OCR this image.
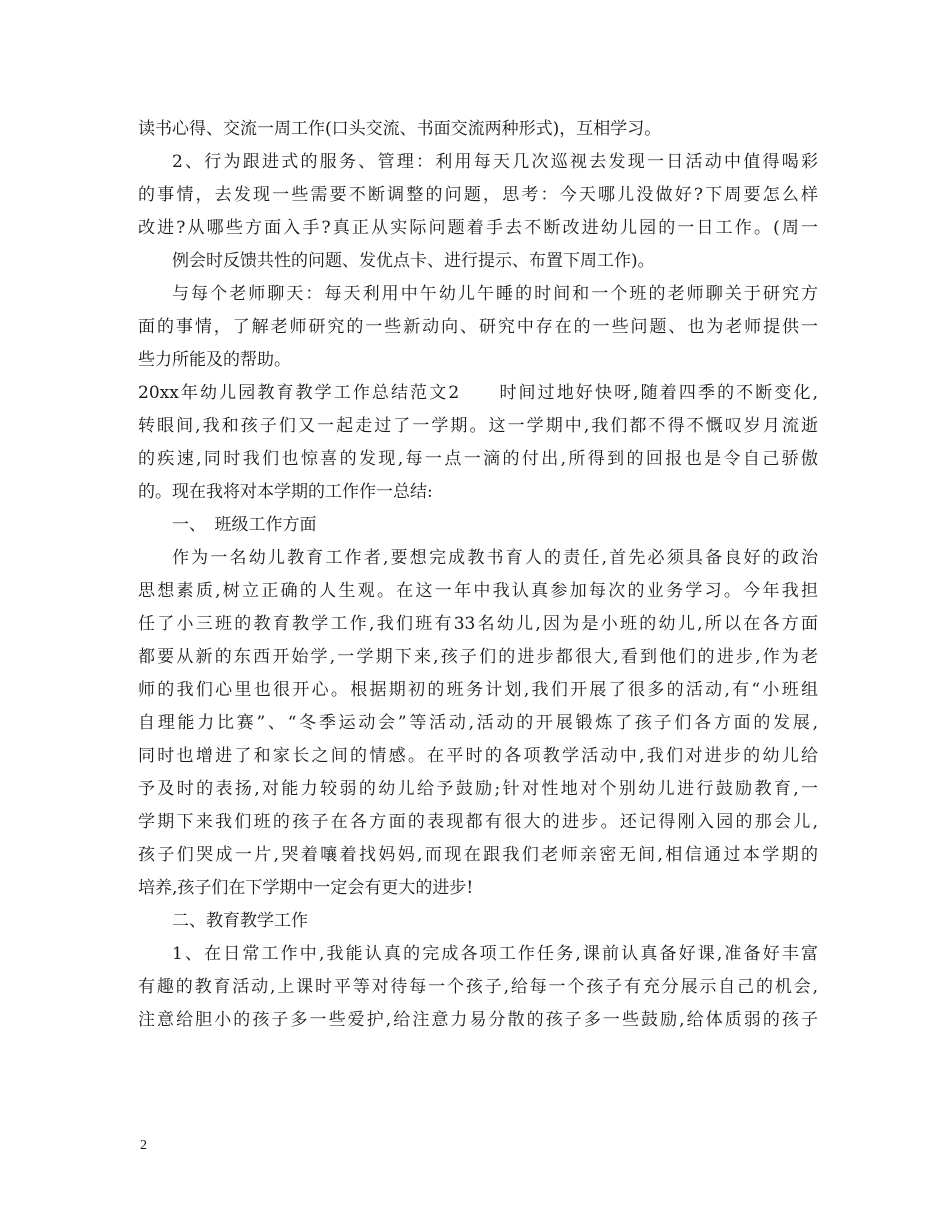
读书心得、交流一周工作(口头交流、书面交流两种形式)，互相学习。
2、行为跟进式的服务、管理：利用每天几次巡视去发现一日活动中值得喝彩
的事情，去发现一些需要不断调整的问题，思考：今天哪儿没做好?下周要怎么样
改进?从哪些方面入手?真正从实际问题着手去不断改进幼儿园的一日工作。(周一
例会时反馈共性的问题、发优点卡、进行提示、布置下周工作)。
与每个老师聊天：每天利用中午幼儿午睡的时间和一个班的老师聊关于研究方
面的事情，了解老师研究的一些新动向、研究中存在的一些问题、也为老师提供一
些力所能及的帮助。
20xx年幼儿园教育教学工作总结范文2　　时间过地好快呀,随着四季的不断变化,
转眼间,我和孩子们又一起走过了一学期。这一学期中,我们都不得不慨叹岁月流逝
的疾速,同时我们也惊喜的发现,每一点一滴的付出,所得到的回报也是令自己骄傲
的。现在我将对本学期的工作作一总结:
一、　班级工作方面
作为一名幼儿教育工作者,要想完成教书育人的责任,首先必须具备良好的政治
思想素质,树立正确的人生观。在这一年中我认真参加每次的业务学习。今年我担
任了小三班的教育教学工作,我们班有33名幼儿,因为是小班的幼儿,所以在各方面
都要从新的东西开始学,一学期下来,孩子们的进步都很大,看到他们的进步,作为老
师的我们心里也很开心。根据期初的班务计划,我们开展了很多的活动,有“小班组
自理能力比赛”、“冬季运动会”等活动,活动的开展锻炼了孩子们各方面的发展,
同时也增进了和家长之间的情感。在平时的各项教学活动中,我们对进步的幼儿给
予及时的表扬,对能力较弱的幼儿给予鼓励;针对性地对个别幼儿进行鼓励教育,一
学期下来我们班的孩子在各方面的表现都有很大的进步。还记得刚入园的那会儿,
孩子们哭成一片,哭着嚷着找妈妈,而现在跟我们老师亲密无间,相信通过本学期的
培养,孩子们在下学期中一定会有更大的进步!
二、教育教学工作
1、在日常工作中,我能认真的完成各项工作任务,课前认真备好课,准备好丰富
有趣的教育活动,上课时平等对待每一个孩子,给每一个孩子有充分展示自己的机会,
注意给胆小的孩子多一些爱护,给注意力易分散的孩子多一些鼓励,给体质弱的孩子
2
